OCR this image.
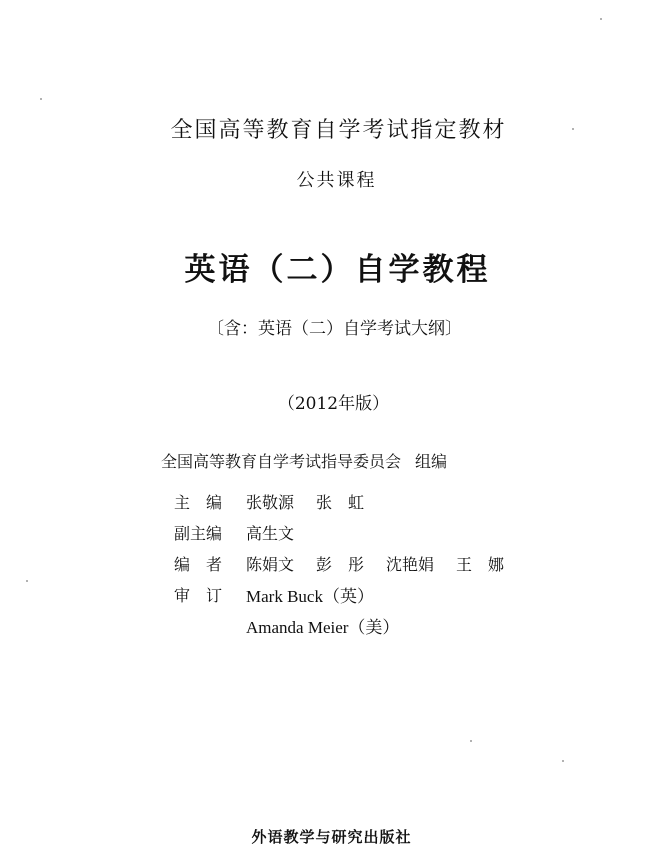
全国高等教育自学考试指定教材
公共课程
英语（二）自学教程
〔含：英语（二）自学考试大纲〕
（2012年版）
全国高等教育自学考试指导委员会 组编
主　编	张敬源 张　虹
副主编	高生文
编　者	陈娟文 彭　彤 沈艳娟 王　娜
审　订	Mark Buck（英）
Amanda Meier（美）
外语教学与研究出版社
